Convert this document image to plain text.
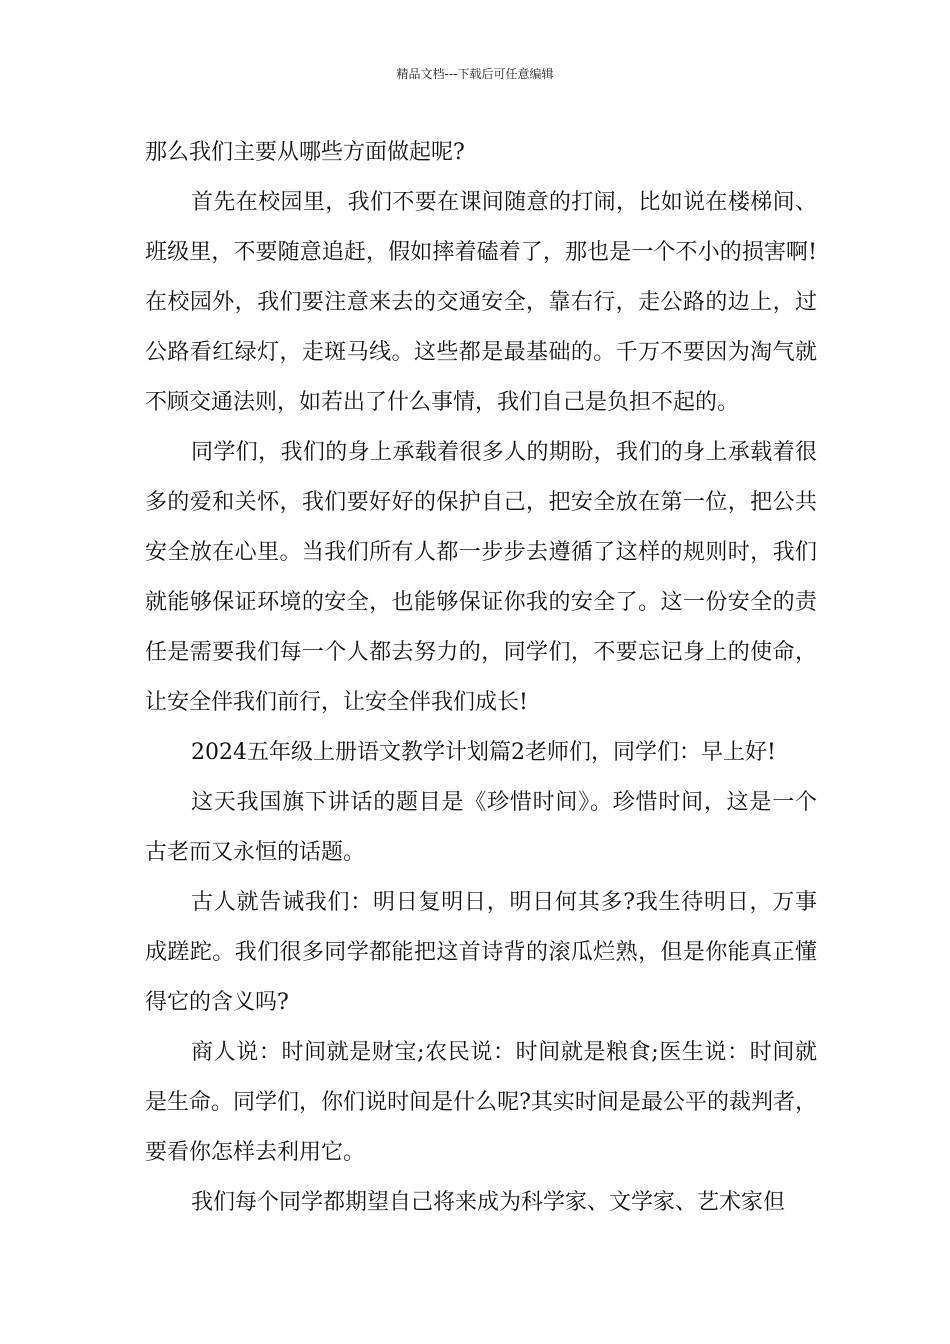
精品文档---下载后可任意编辑

那么我们主要从哪些方面做起呢?

首先在校园里，我们不要在课间随意的打闹，比如说在楼梯间、班级里，不要随意追赶，假如摔着磕着了，那也是一个不小的损害啊!在校园外，我们要注意来去的交通安全，靠右行，走公路的边上，过公路看红绿灯，走斑马线。这些都是最基础的。千万不要因为淘气就不顾交通法则，如若出了什么事情，我们自己是负担不起的。

同学们，我们的身上承载着很多人的期盼，我们的身上承载着很多的爱和关怀，我们要好好的保护自己，把安全放在第一位，把公共安全放在心里。当我们所有人都一步步去遵循了这样的规则时，我们就能够保证环境的安全，也能够保证你我的安全了。这一份安全的责任是需要我们每一个人都去努力的，同学们，不要忘记身上的使命，让安全伴我们前行，让安全伴我们成长!

2024五年级上册语文教学计划篇2老师们，同学们：早上好!

这天我国旗下讲话的题目是《珍惜时间》。珍惜时间，这是一个古老而又永恒的话题。

古人就告诫我们：明日复明日，明日何其多?我生待明日，万事成蹉跎。我们很多同学都能把这首诗背的滚瓜烂熟，但是你能真正懂得它的含义吗?

商人说：时间就是财宝;农民说：时间就是粮食;医生说：时间就是生命。同学们，你们说时间是什么呢?其实时间是最公平的裁判者，要看你怎样去利用它。

我们每个同学都期望自己将来成为科学家、文学家、艺术家但
